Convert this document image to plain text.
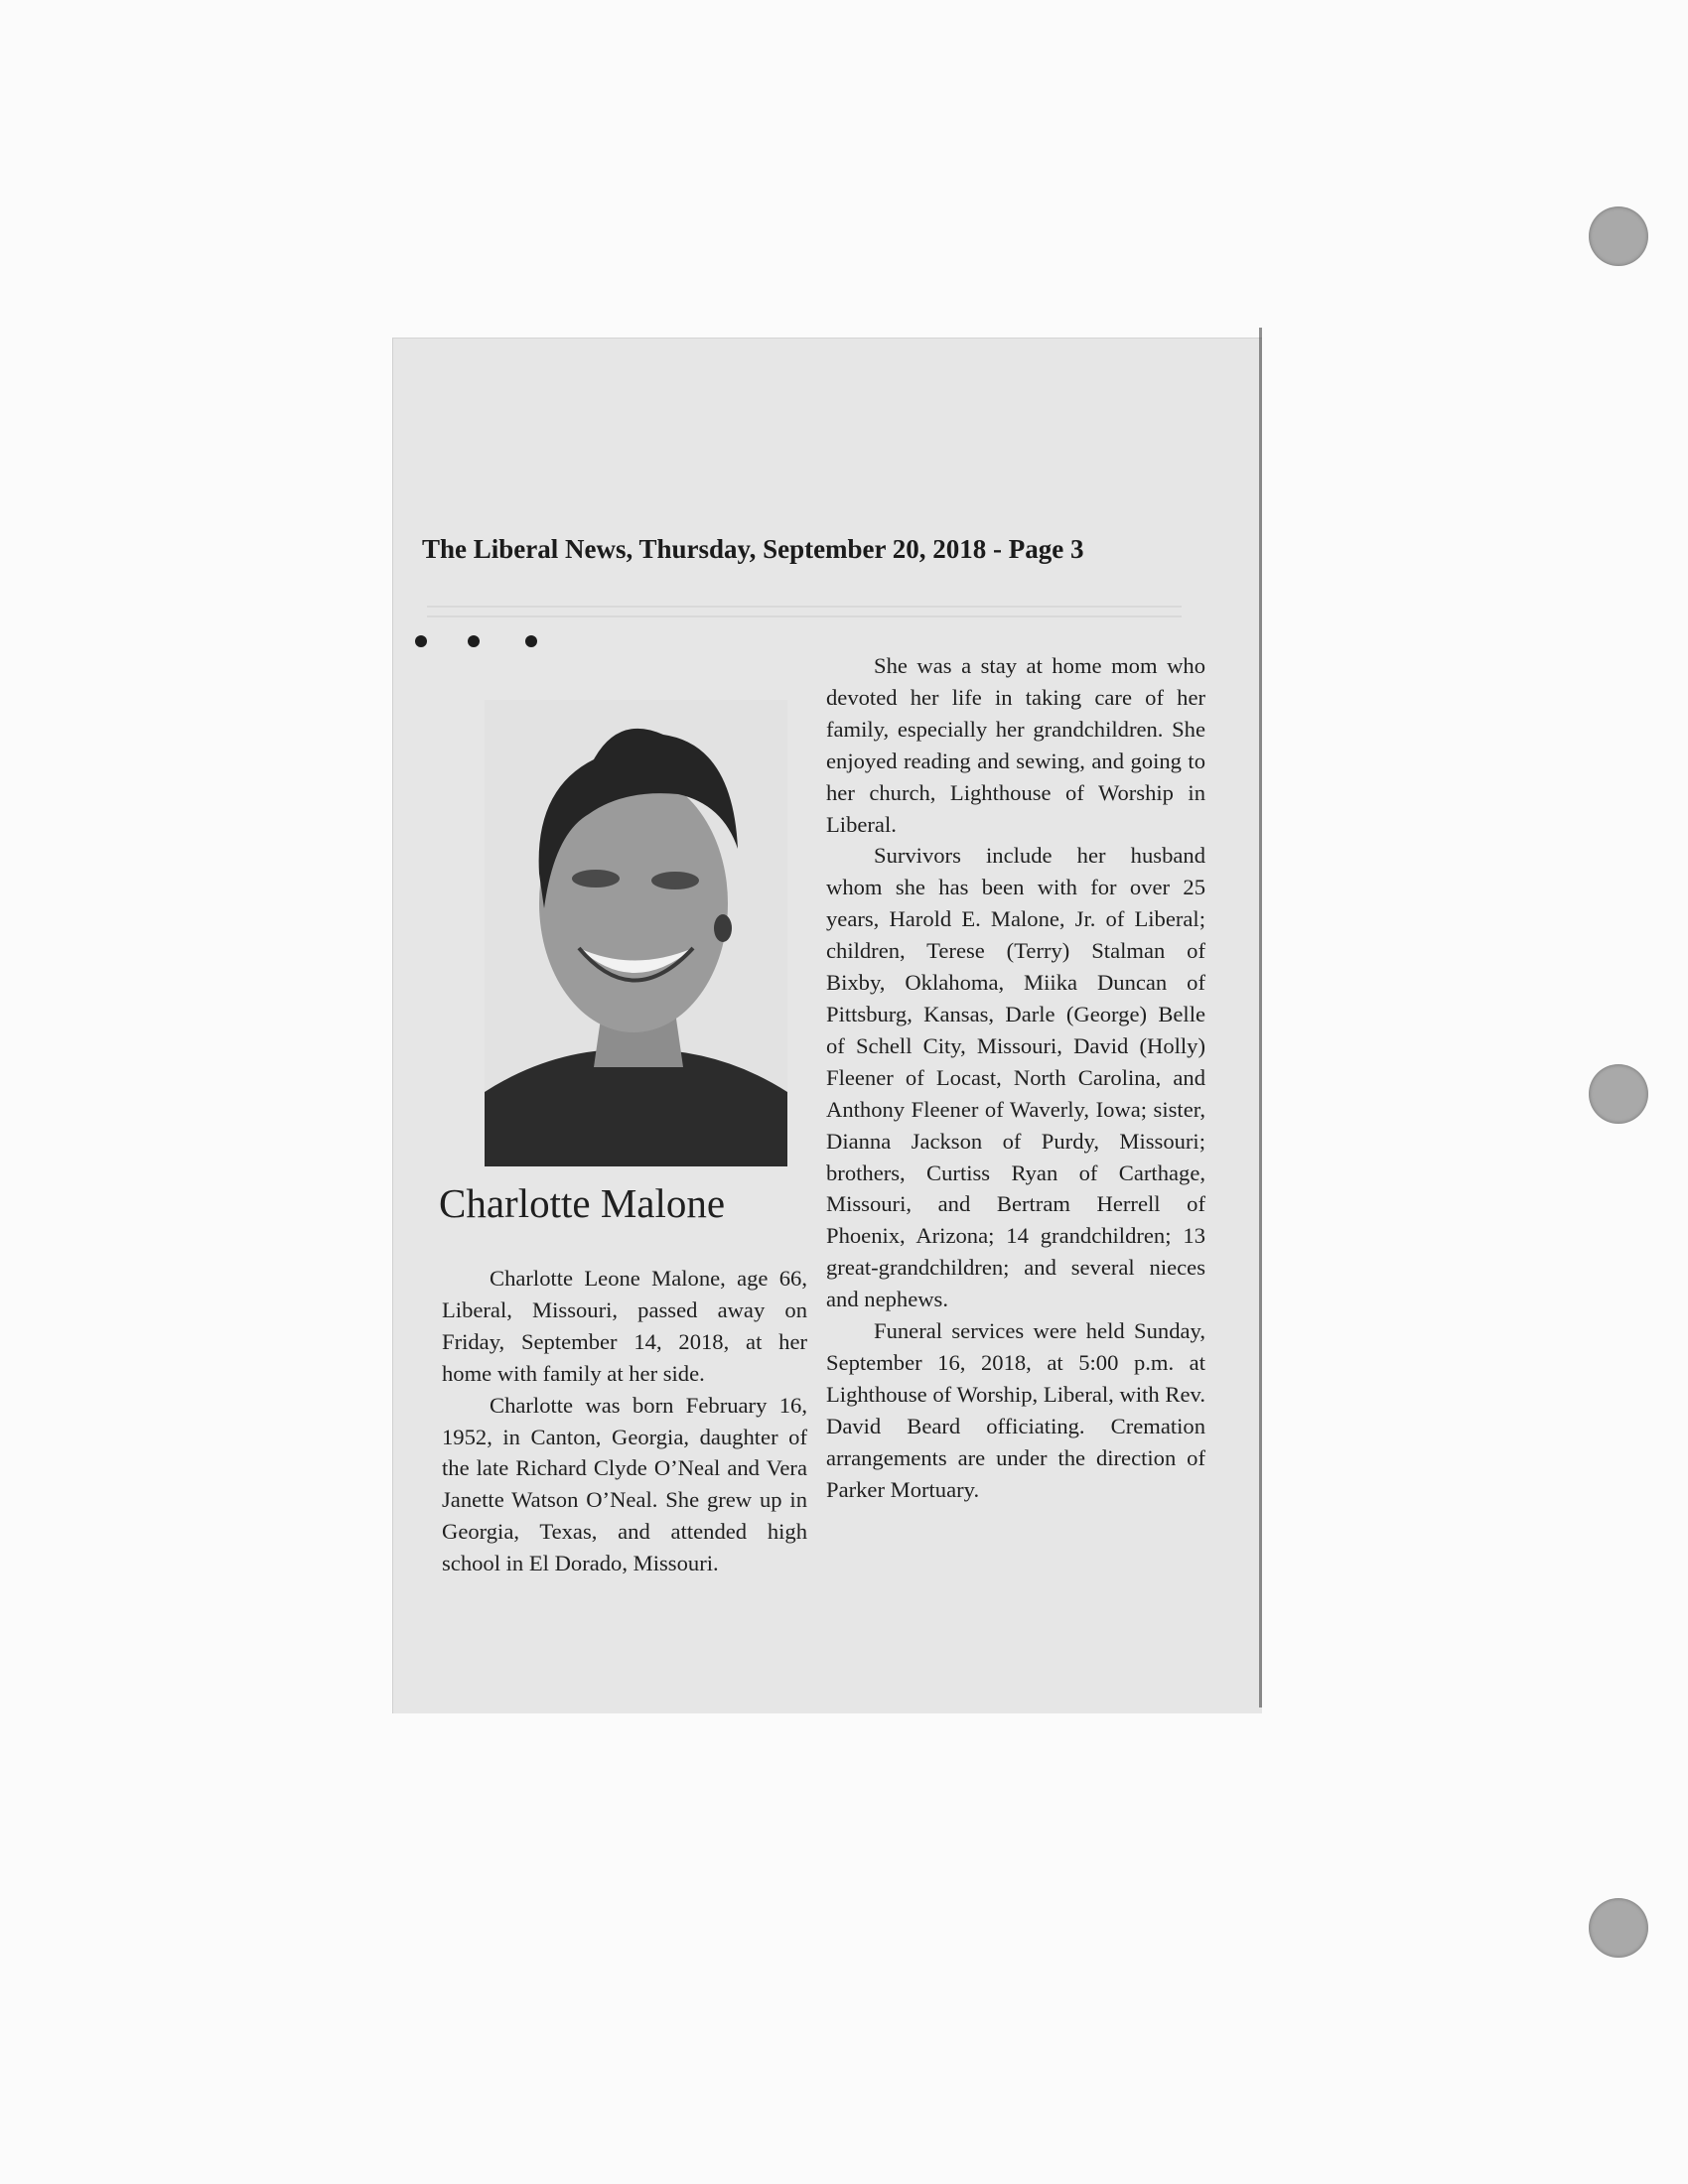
The Liberal News, Thursday, September 20, 2018 - Page 3
Charlotte Malone

Charlotte Leone Malone, age 66, Liberal, Missouri, passed away on Friday, September 14, 2018, at her home with family at her side.

Charlotte was born February 16, 1952, in Canton, Georgia, daughter of the late Richard Clyde O’Neal and Vera Janette Watson O’Neal. She grew up in Georgia, Texas, and attended high school in El Dorado, Missouri.

She was a stay at home mom who devoted her life in taking care of her family, especially her grandchildren. She enjoyed reading and sewing, and going to her church, Lighthouse of Worship in Liberal.

Survivors include her husband whom she has been with for over 25 years, Harold E. Malone, Jr. of Liberal; children, Terese (Terry) Stalman of Bixby, Oklahoma, Miika Duncan of Pittsburg, Kansas, Darle (George) Belle of Schell City, Missouri, David (Holly) Fleener of Locast, North Carolina, and Anthony Fleener of Waverly, Iowa; sister, Dianna Jackson of Purdy, Missouri; brothers, Curtiss Ryan of Carthage, Missouri, and Bertram Herrell of Phoenix, Arizona; 14 grandchildren; 13 great-grandchildren; and several nieces and nephews.

Funeral services were held Sunday, September 16, 2018, at 5:00 p.m. at Lighthouse of Worship, Liberal, with Rev. David Beard officiating. Cremation arrangements are under the direction of Parker Mortuary.
